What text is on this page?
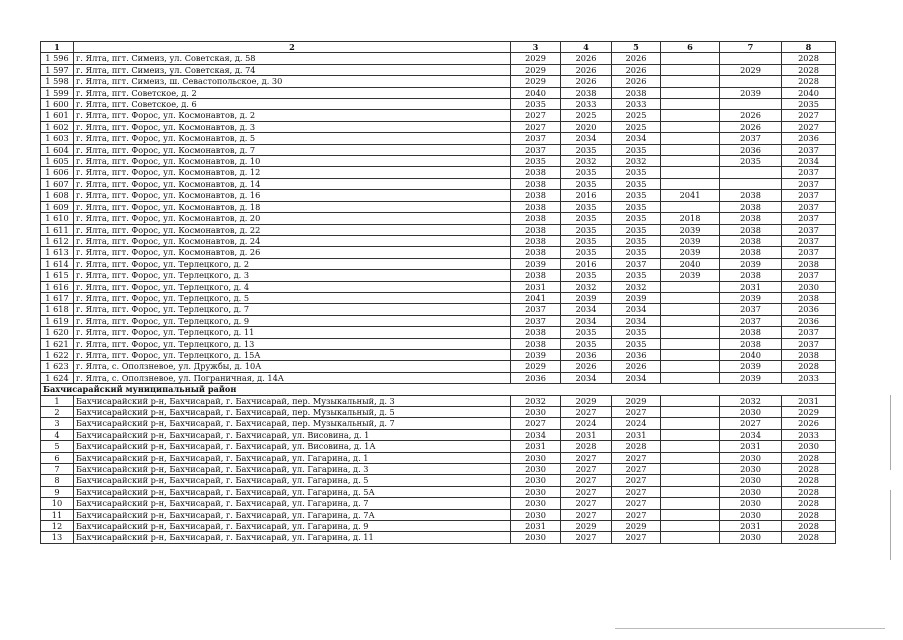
1	2	3	4	5	6	7	8
1 596	г. Ялта, пгт. Симеиз, ул. Советская, д. 58	2029	2026	2026			2028
1 597	г. Ялта, пгт. Симеиз, ул. Советская, д. 74	2029	2026	2026		2029	2028
1 598	г. Ялта, пгт. Симеиз, ш. Севастопольское, д. 30	2029	2026	2026			2028
1 599	г. Ялта, пгт. Советское, д. 2	2040	2038	2038		2039	2040
1 600	г. Ялта, пгт. Советское, д. 6	2035	2033	2033			2035
1 601	г. Ялта, пгт. Форос, ул. Космонавтов, д. 2	2027	2025	2025		2026	2027
1 602	г. Ялта, пгт. Форос, ул. Космонавтов, д. 3	2027	2020	2025		2026	2027
1 603	г. Ялта, пгт. Форос, ул. Космонавтов, д. 5	2037	2034	2034		2037	2036
1 604	г. Ялта, пгт. Форос, ул. Космонавтов, д. 7	2037	2035	2035		2036	2037
1 605	г. Ялта, пгт. Форос, ул. Космонавтов, д. 10	2035	2032	2032		2035	2034
1 606	г. Ялта, пгт. Форос, ул. Космонавтов, д. 12	2038	2035	2035			2037
1 607	г. Ялта, пгт. Форос, ул. Космонавтов, д. 14	2038	2035	2035			2037
1 608	г. Ялта, пгт. Форос, ул. Космонавтов, д. 16	2038	2016	2035	2041	2038	2037
1 609	г. Ялта, пгт. Форос, ул. Космонавтов, д. 18	2038	2035	2035		2038	2037
1 610	г. Ялта, пгт. Форос, ул. Космонавтов, д. 20	2038	2035	2035	2018	2038	2037
1 611	г. Ялта, пгт. Форос, ул. Космонавтов, д. 22	2038	2035	2035	2039	2038	2037
1 612	г. Ялта, пгт. Форос, ул. Космонавтов, д. 24	2038	2035	2035	2039	2038	2037
1 613	г. Ялта, пгт. Форос, ул. Космонавтов, д. 26	2038	2035	2035	2039	2038	2037
1 614	г. Ялта, пгт. Форос, ул. Терлецкого, д. 2	2039	2016	2037	2040	2039	2038
1 615	г. Ялта, пгт. Форос, ул. Терлецкого, д. 3	2038	2035	2035	2039	2038	2037
1 616	г. Ялта, пгт. Форос, ул. Терлецкого, д. 4	2031	2032	2032		2031	2030
1 617	г. Ялта, пгт. Форос, ул. Терлецкого, д. 5	2041	2039	2039		2039	2038
1 618	г. Ялта, пгт. Форос, ул. Терлецкого, д. 7	2037	2034	2034		2037	2036
1 619	г. Ялта, пгт. Форос, ул. Терлецкого, д. 9	2037	2034	2034		2037	2036
1 620	г. Ялта, пгт. Форос, ул. Терлецкого, д. 11	2038	2035	2035		2038	2037
1 621	г. Ялта, пгт. Форос, ул. Терлецкого, д. 13	2038	2035	2035		2038	2037
1 622	г. Ялта, пгт. Форос, ул. Терлецкого, д. 15А	2039	2036	2036		2040	2038
1 623	г. Ялта, с. Оползневое, ул. Дружбы, д. 10А	2029	2026	2026		2039	2028
1 624	г. Ялта, с. Оползневое, ул. Пограничная, д. 14А	2036	2034	2034		2039	2033
Бахчисарайский муниципальный район							
1	Бахчисарайский р-н, Бахчисарай, г. Бахчисарай, пер. Музыкальный, д. 3	2032	2029	2029		2032	2031
2	Бахчисарайский р-н, Бахчисарай, г. Бахчисарай, пер. Музыкальный, д. 5	2030	2027	2027		2030	2029
3	Бахчисарайский р-н, Бахчисарай, г. Бахчисарай, пер. Музыкальный, д. 7	2027	2024	2024		2027	2026
4	Бахчисарайский р-н, Бахчисарай, г. Бахчисарай, ул. Висовина, д. 1	2034	2031	2031		2034	2033
5	Бахчисарайский р-н, Бахчисарай, г. Бахчисарай, ул. Висовина, д. 1А	2031	2028	2028		2031	2030
6	Бахчисарайский р-н, Бахчисарай, г. Бахчисарай, ул. Гагарина, д. 1	2030	2027	2027		2030	2028
7	Бахчисарайский р-н, Бахчисарай, г. Бахчисарай, ул. Гагарина, д. 3	2030	2027	2027		2030	2028
8	Бахчисарайский р-н, Бахчисарай, г. Бахчисарай, ул. Гагарина, д. 5	2030	2027	2027		2030	2028
9	Бахчисарайский р-н, Бахчисарай, г. Бахчисарай, ул. Гагарина, д. 5А	2030	2027	2027		2030	2028
10	Бахчисарайский р-н, Бахчисарай, г. Бахчисарай, ул. Гагарина, д. 7	2030	2027	2027		2030	2028
11	Бахчисарайский р-н, Бахчисарай, г. Бахчисарай, ул. Гагарина, д. 7А	2030	2027	2027		2030	2028
12	Бахчисарайский р-н, Бахчисарай, г. Бахчисарай, ул. Гагарина, д. 9	2031	2029	2029		2031	2028
13	Бахчисарайский р-н, Бахчисарай, г. Бахчисарай, ул. Гагарина, д. 11	2030	2027	2027		2030	2028
